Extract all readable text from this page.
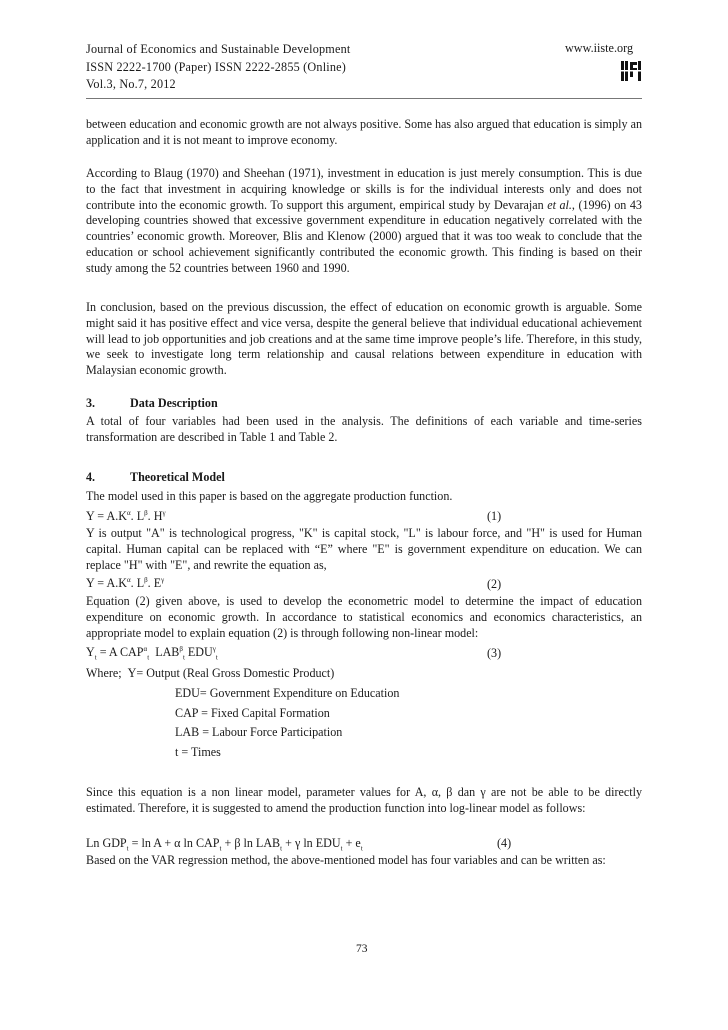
Journal of Economics and Sustainable Development
ISSN 2222-1700 (Paper) ISSN 2222-2855 (Online)
Vol.3, No.7, 2012
www.iiste.org

between education and economic growth are not always positive. Some has also argued that education is simply an application and it is not meant to improve economy.

According to Blaug (1970) and Sheehan (1971), investment in education is just merely consumption. This is due to the fact that investment in acquiring knowledge or skills is for the individual interests only and does not contribute into the economic growth. To support this argument, empirical study by Devarajan et al., (1996) on 43 developing countries showed that excessive government expenditure in education negatively correlated with the countries’ economic growth. Moreover, Blis and Klenow (2000) argued that it was too weak to conclude that the education or school achievement significantly contributed the economic growth. This finding is based on their study among the 52 countries between 1960 and 1990.

In conclusion, based on the previous discussion, the effect of education on economic growth is arguable. Some might said it has positive effect and vice versa, despite the general believe that individual educational achievement will lead to job opportunities and job creations and at the same time improve people’s life. Therefore, in this study, we seek to investigate long term relationship and causal relations between expenditure in education with Malaysian economic growth.

3.	Data Description

A total of four variables had been used in the analysis. The definitions of each variable and time-series transformation are described in Table 1 and Table 2.

4.	Theoretical Model

The model used in this paper is based on the aggregate production function.

$Y = A.K^\alpha$. $L^\beta$. $H^\gamma$	(1)

Y is output "A" is technological progress, "K" is capital stock, "L" is labour force, and "H" is used for Human capital. Human capital can be replaced with “E” where "E" is government expenditure on education. We can replace "H" with "E", and rewrite the equation as,

$Y = A.K^\alpha$. $L^\beta$. $E^\gamma$	(2)

Equation (2) given above, is used to develop the econometric model to determine the impact of education expenditure on economic growth. In accordance to statistical economics and economics characteristics, an appropriate model to explain equation (2) is through following non-linear model:

$Y_t = A$ $CAP^\alpha_t$  $LAB^\beta_t$ $EDU^\gamma_t$	(3)
Where; Y= Output (Real Gross Domestic Product)
EDU= Government Expenditure on Education
CAP = Fixed Capital Formation
LAB = Labour Force Participation
t = Times

Since this equation is a non linear model, parameter values for A, α, β dan γ are not be able to be directly estimated. Therefore, it is suggested to amend the production function into log-linear model as follows:

Ln $GDP_t = \ln A + \alpha$ $\ln CAP_t + \beta$ $\ln LAB_t + \gamma$ $\ln EDU_t + e_t$	(4)

Based on the VAR regression method, the above-mentioned model has four variables and can be written as:

73
